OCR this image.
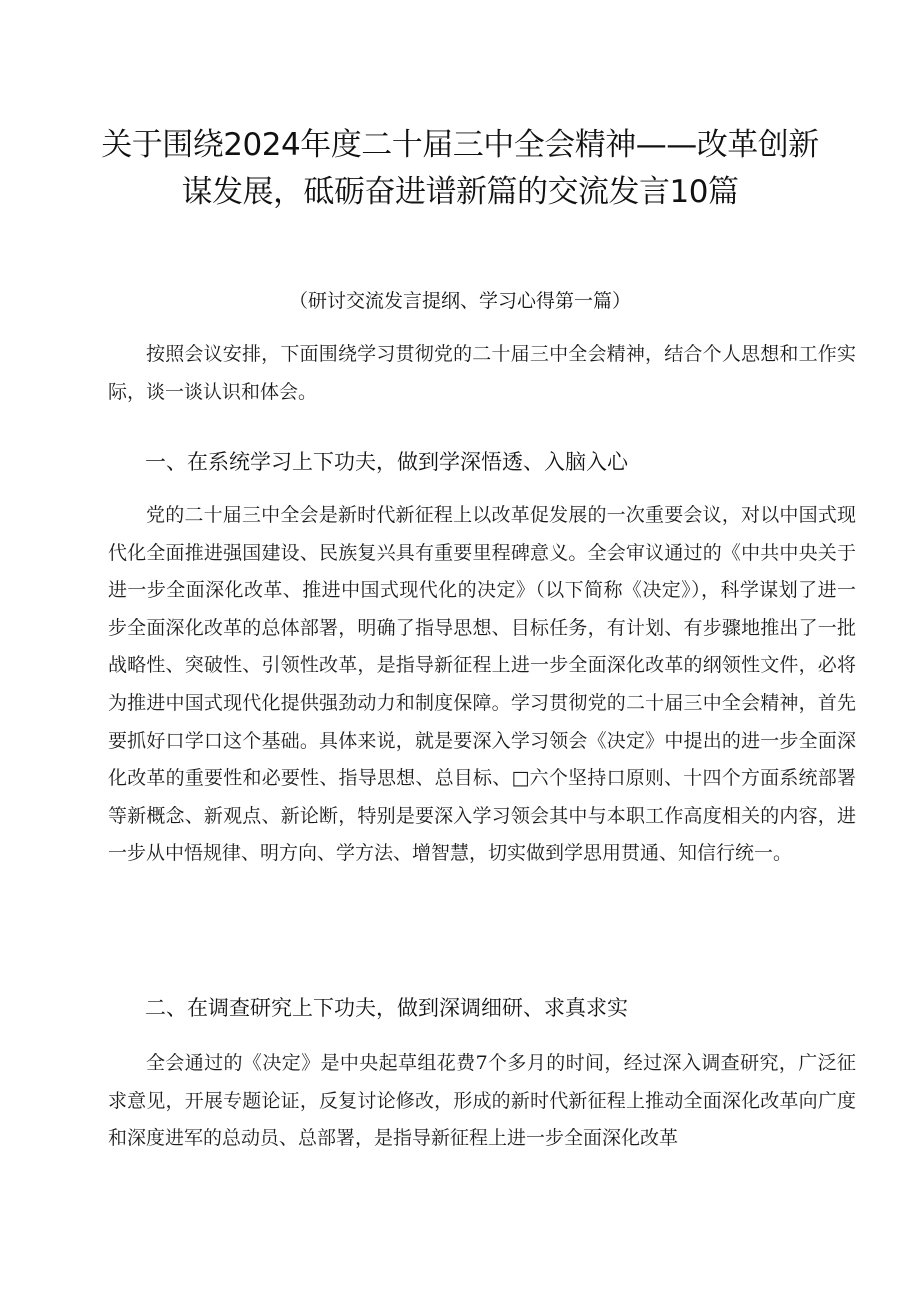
关于围绕2024年度二十届三中全会精神——改革创新
谋发展，砥砺奋进谱新篇的交流发言10篇
（研讨交流发言提纲、学习心得第一篇）

按照会议安排，下面围绕学习贯彻党的二十届三中全会精神，结合个人思想和工作实际，谈一谈认识和体会。

一、在系统学习上下功夫，做到学深悟透、入脑入心

党的二十届三中全会是新时代新征程上以改革促发展的一次重要会议，对以中国式现代化全面推进强国建设、民族复兴具有重要里程碑意义。全会审议通过的《中共中央关于进一步全面深化改革、推进中国式现代化的决定》（以下简称《决定》），科学谋划了进一步全面深化改革的总体部署，明确了指导思想、目标任务，有计划、有步骤地推出了一批战略性、突破性、引领性改革，是指导新征程上进一步全面深化改革的纲领性文件，必将为推进中国式现代化提供强劲动力和制度保障。学习贯彻党的二十届三中全会精神，首先要抓好口学口这个基础。具体来说，就是要深入学习领会《决定》中提出的进一步全面深化改革的重要性和必要性、指导思想、总目标、□六个坚持口原则、十四个方面系统部署等新概念、新观点、新论断，特别是要深入学习领会其中与本职工作高度相关的内容，进一步从中悟规律、明方向、学方法、增智慧，切实做到学思用贯通、知信行统一。

二、在调查研究上下功夫，做到深调细研、求真求实

全会通过的《决定》是中央起草组花费7个多月的时间，经过深入调查研究，广泛征求意见，开展专题论证，反复讨论修改，形成的新时代新征程上推动全面深化改革向广度和深度进军的总动员、总部署，是指导新征程上进一步全面深化改革
